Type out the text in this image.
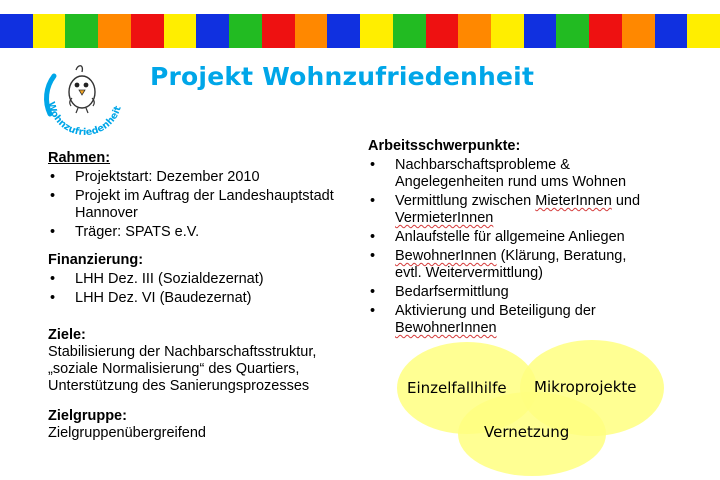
Wohnzufriedenheit
Projekt Wohnzufriedenheit

Rahmen:

• Projektstart: Dezember 2010
• Projekt im Auftrag der Landeshauptstadt Hannover
• Träger: SPATS e.V.

Finanzierung:

• LHH Dez. III (Sozialdezernat)
• LHH Dez. VI (Baudezernat)

Ziele:

Stabilisierung der Nachbarschaftsstruktur,

„soziale Normalisierung“ des Quartiers,

Unterstützung des Sanierungsprozesses

Zielgruppe:

Zielgruppenübergreifend

Arbeitsschwerpunkte:

• Nachbarschaftsprobleme &
Angelegenheiten rund ums Wohnen
• Vermittlung zwischen MieterInnen und
VermieterInnen
• Anlaufstelle für allgemeine Anliegen
• BewohnerInnen (Klärung, Beratung,
evtl. Weitervermittlung)
• Bedarfsermittlung
• Aktivierung und Beteiligung der
BewohnerInnen
Einzelfallhilfe Mikroprojekte
Vernetzung
